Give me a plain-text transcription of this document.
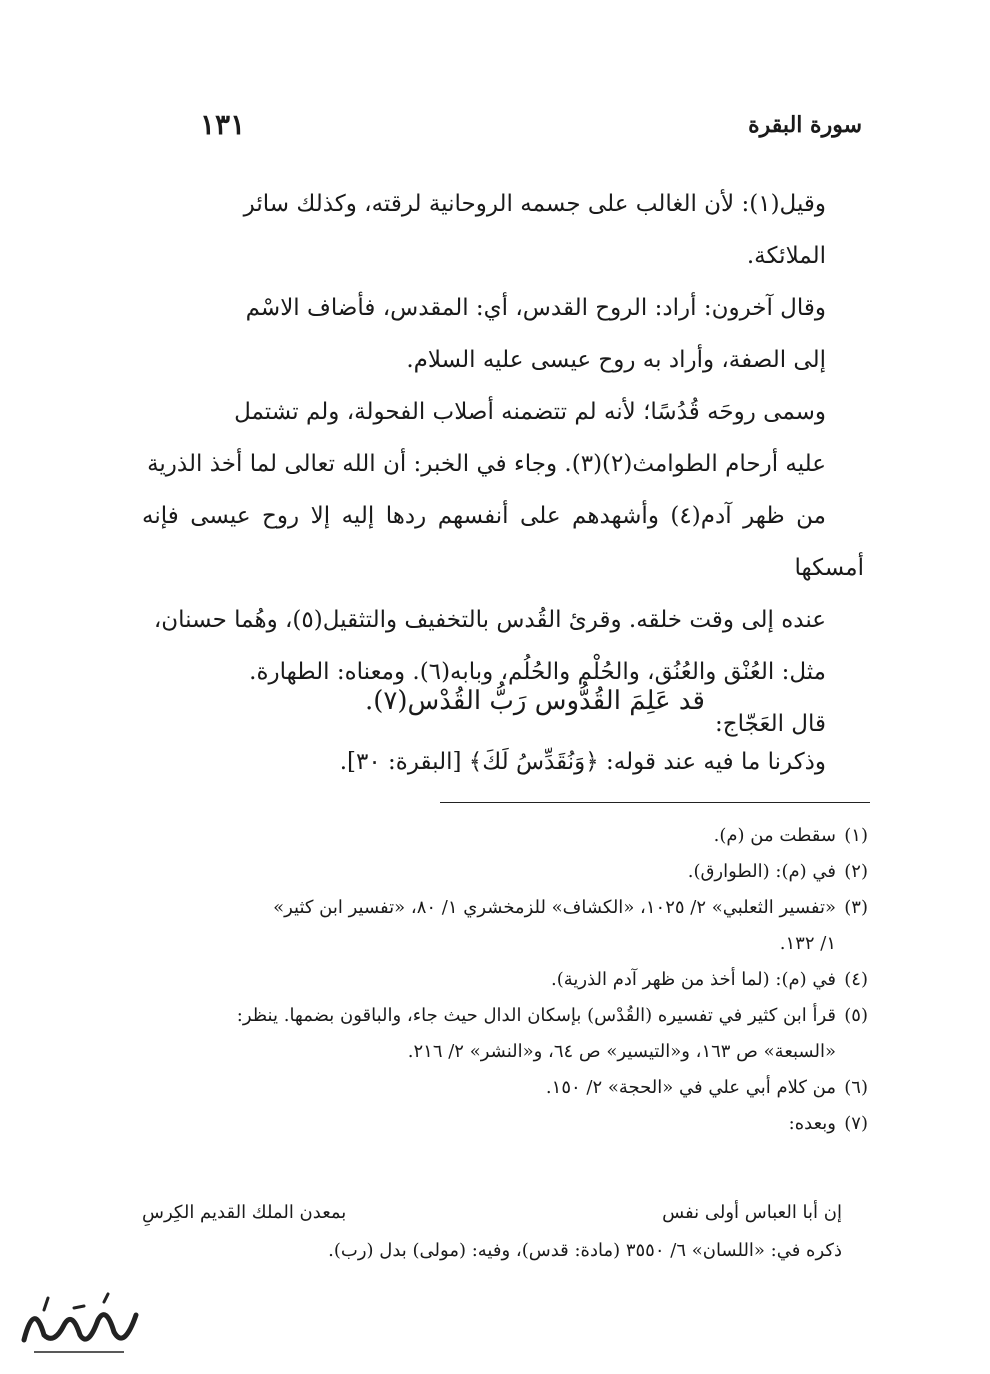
سورة البقرة
١٣١

وقيل(١): لأن الغالب على جسمه الروحانية لرقته، وكذلك سائر
الملائكة.

وقال آخرون: أراد: الروح القدس، أي: المقدس، فأضاف الاسْم
إلى الصفة، وأراد به روح عيسى عليه السلام.

وسمى روحَه قُدُسًا؛ لأنه لم تتضمنه أصلاب الفحولة، ولم تشتمل
عليه أرحام الطوامث(٢)(٣). وجاء في الخبر: أن الله تعالى لما أخذ الذرية
من ظهر آدم(٤) وأشهدهم على أنفسهم ردها إليه إلا روح عيسى فإنه أمسكها
عنده إلى وقت خلقه. وقرئ القُدس بالتخفيف والتثقيل(٥)، وهُما حسنان،
مثل: العُنْق والعُنُق، والحُلْم والحُلُم، وبابه(٦). ومعناه: الطهارة.

قال العَجّاج:

قد عَلِمَ القُدُّوس رَبُّ القُدْس(٧).

وذكرنا ما فيه عند قوله: ﴿وَنُقَدِّسُ لَكَ﴾ [البقرة: ٣٠].

(١)سقطت من (م).
(٢)في (م): (الطوارق).
(٣)«تفسير الثعلبي» ٢/ ١٠٢٥، «الكشاف» للزمخشري ١/ ٨٠، «تفسير ابن كثير»
١/ ١٣٢.
(٤)في (م): (لما أخذ من ظهر آدم الذرية).
(٥)قرأ ابن كثير في تفسيره (القُدْس) بإسكان الدال حيث جاء، والباقون بضمها. ينظر:
«السبعة» ص ١٦٣، و«التيسير» ص ٦٤، و«النشر» ٢/ ٢١٦.
(٦)من كلام أبي علي في «الحجة» ٢/ ١٥٠.
(٧)وبعده:
إن أبا العباس أولى نفس
بمعدن الملك القديم الكِرسِ
ذكره في: «اللسان» ٦/ ٣٥٥٠ (مادة: قدس)، وفيه: (مولى) بدل (رب).
